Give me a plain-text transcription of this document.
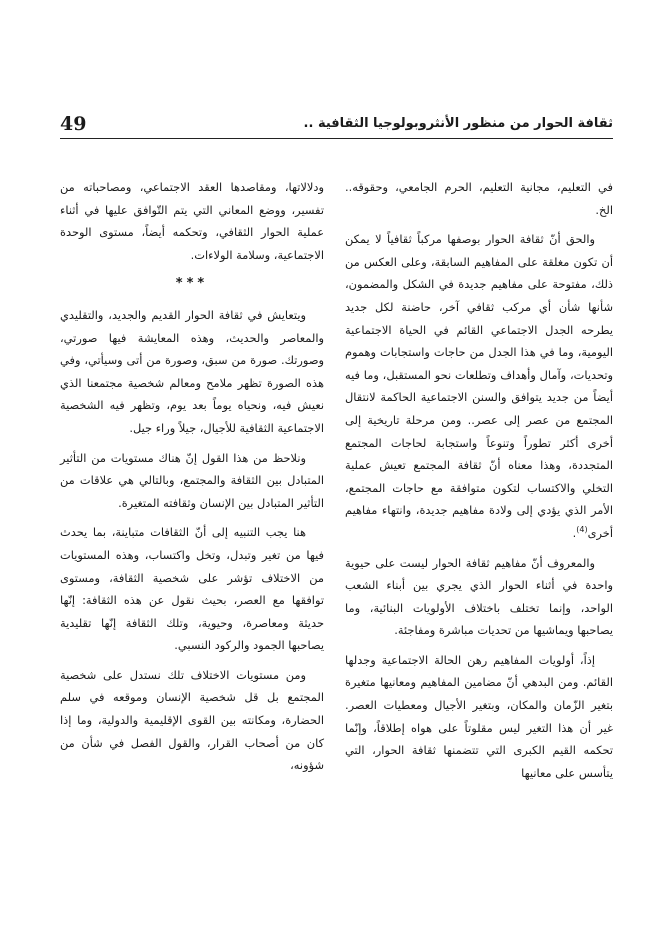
49	ثقافة الحوار من منظور الأنثروبولوجيا الثقافية ..

في التعليم، مجانية التعليم، الحرم الجامعي، وحقوقه.. الخ.

والحق أنّ ثقافة الحوار بوصفها مركباً ثقافياً لا يمكن أن تكون مغلقة على المفاهيم السابقة، وعلى العكس من ذلك، مفتوحة على مفاهيم جديدة في الشكل والمضمون، شأنها شأن أي مركب ثقافي آخر، حاضنة لكل جديد يطرحه الجدل الاجتماعي القائم في الحياة الاجتماعية اليومية، وما في هذا الجدل من حاجات واستجابات وهموم وتحديات، وآمال وأهداف وتطلعات نحو المستقبل، وما فيه أيضاً من جديد يتوافق والسنن الاجتماعية الحاكمة لانتقال المجتمع من عصر إلى عصر.. ومن مرحلة تاريخية إلى أخرى أكثر تطوراً وتنوعاً واستجابة لحاجات المجتمع المتجددة، وهذا معناه أنّ ثقافة المجتمع تعيش عملية التخلي والاكتساب لتكون متوافقة مع حاجات المجتمع، الأمر الذي يؤدي إلى ولادة مفاهيم جديدة، وانتهاء مفاهيم أخرى$^{(4)}$.

والمعروف أنّ مفاهيم ثقافة الحوار ليست على حيوية واحدة في أثناء الحوار الذي يجري بين أبناء الشعب الواحد، وإنما تختلف باختلاف الأولويات البنائية، وما يصاحبها ويماشيها من تحديات مباشرة ومفاجئة.

إذاً، أولويات المفاهيم رهن الحالة الاجتماعية وجدلها القائم. ومن البدهي أنّ مضامين المفاهيم ومعانيها متغيرة بتغير الزّمان والمكان، وبتغير الأجيال ومعطيات العصر. غير أن هذا التغير ليس مقلوتاً على هواه إطلاقاً، وإنّما تحكمه القيم الكبرى التي تتضمنها ثقافة الحوار، التي يتأسس على معانيها

ودلالاتها، ومقاصدها العقد الاجتماعي، ومصاحباته من تفسير، ووضع المعاني التي يتم التّوافق عليها في أثناء عملية الحوار الثقافي، وتحكمه أيضاً، مستوى الوحدة الاجتماعية، وسلامة الولاءات.

***

ويتعايش في ثقافة الحوار القديم والجديد، والتقليدي والمعاصر والحديث، وهذه المعايشة فيها صورتي، وصورتك. صورة من سبق، وصورة من أتى وسيأتي، وفي هذه الصورة تظهر ملامح ومعالم شخصية مجتمعنا الذي نعيش فيه، ونحياه يوماً بعد يوم، وتظهر فيه الشخصية الاجتماعية الثقافية للأجيال، جيلاً وراء جيل.

ونلاحظ من هذا القول إنّ هناك مستويات من التأثير المتبادل بين الثقافة والمجتمع، وبالتالي هي علاقات من التأثير المتبادل بين الإنسان وثقافته المتغيرة.

هنا يجب التنبيه إلى أنّ الثقافات متباينة، بما يحدث فيها من تغير وتبدل، وتخل واكتساب، وهذه المستويات من الاختلاف تؤشر على شخصية الثقافة، ومستوى توافقها مع العصر، بحيث نقول عن هذه الثقافة: إنّها حديثة ومعاصرة، وحيوية، وتلك الثقافة إنّها تقليدية يصاحبها الجمود والركود النسبي.

ومن مستويات الاختلاف تلك نستدل على شخصية المجتمع بل قل شخصية الإنسان وموقعه في سلم الحضارة، ومكانته بين القوى الإقليمية والدولية، وما إذا كان من أصحاب القرار، والقول الفصل في شأن من شؤونه،
